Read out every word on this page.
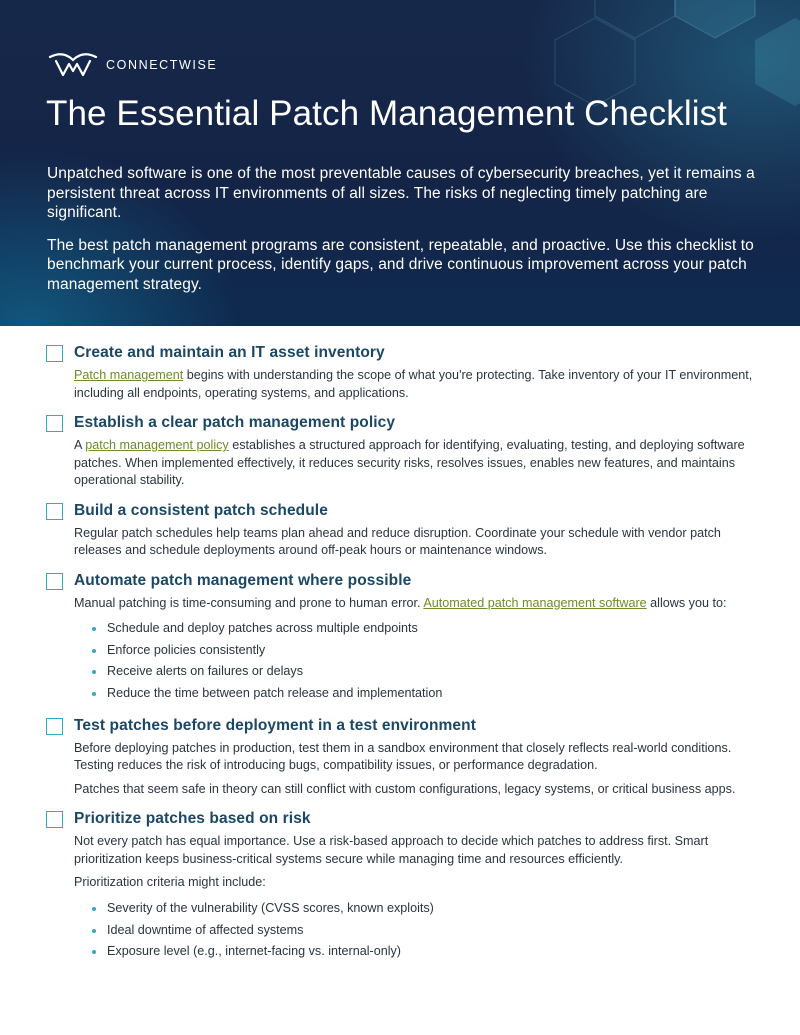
CONNECTWISE
The Essential Patch Management Checklist

Unpatched software is one of the most preventable causes of cybersecurity breaches, yet it remains a persistent threat across IT environments of all sizes. The risks of neglecting timely patching are significant.

The best patch management programs are consistent, repeatable, and proactive. Use this checklist to benchmark your current process, identify gaps, and drive continuous improvement across your patch management strategy.

Create and maintain an IT asset inventory

Patch management begins with understanding the scope of what you're protecting. Take inventory of your IT environment, including all endpoints, operating systems, and applications.

Establish a clear patch management policy

A patch management policy establishes a structured approach for identifying, evaluating, testing, and deploying software patches. When implemented effectively, it reduces security risks, resolves issues, enables new features, and maintains operational stability.

Build a consistent patch schedule

Regular patch schedules help teams plan ahead and reduce disruption. Coordinate your schedule with vendor patch releases and schedule deployments around off-peak hours or maintenance windows.

Automate patch management where possible

Manual patching is time-consuming and prone to human error. Automated patch management software allows you to:

Schedule and deploy patches across multiple endpoints
Enforce policies consistently
Receive alerts on failures or delays
Reduce the time between patch release and implementation
Test patches before deployment in a test environment

Before deploying patches in production, test them in a sandbox environment that closely reflects real-world conditions. Testing reduces the risk of introducing bugs, compatibility issues, or performance degradation.

Patches that seem safe in theory can still conflict with custom configurations, legacy systems, or critical business apps.

Prioritize patches based on risk

Not every patch has equal importance. Use a risk-based approach to decide which patches to address first. Smart prioritization keeps business-critical systems secure while managing time and resources efficiently.

Prioritization criteria might include:

Severity of the vulnerability (CVSS scores, known exploits)
Ideal downtime of affected systems
Exposure level (e.g., internet-facing vs. internal-only)
